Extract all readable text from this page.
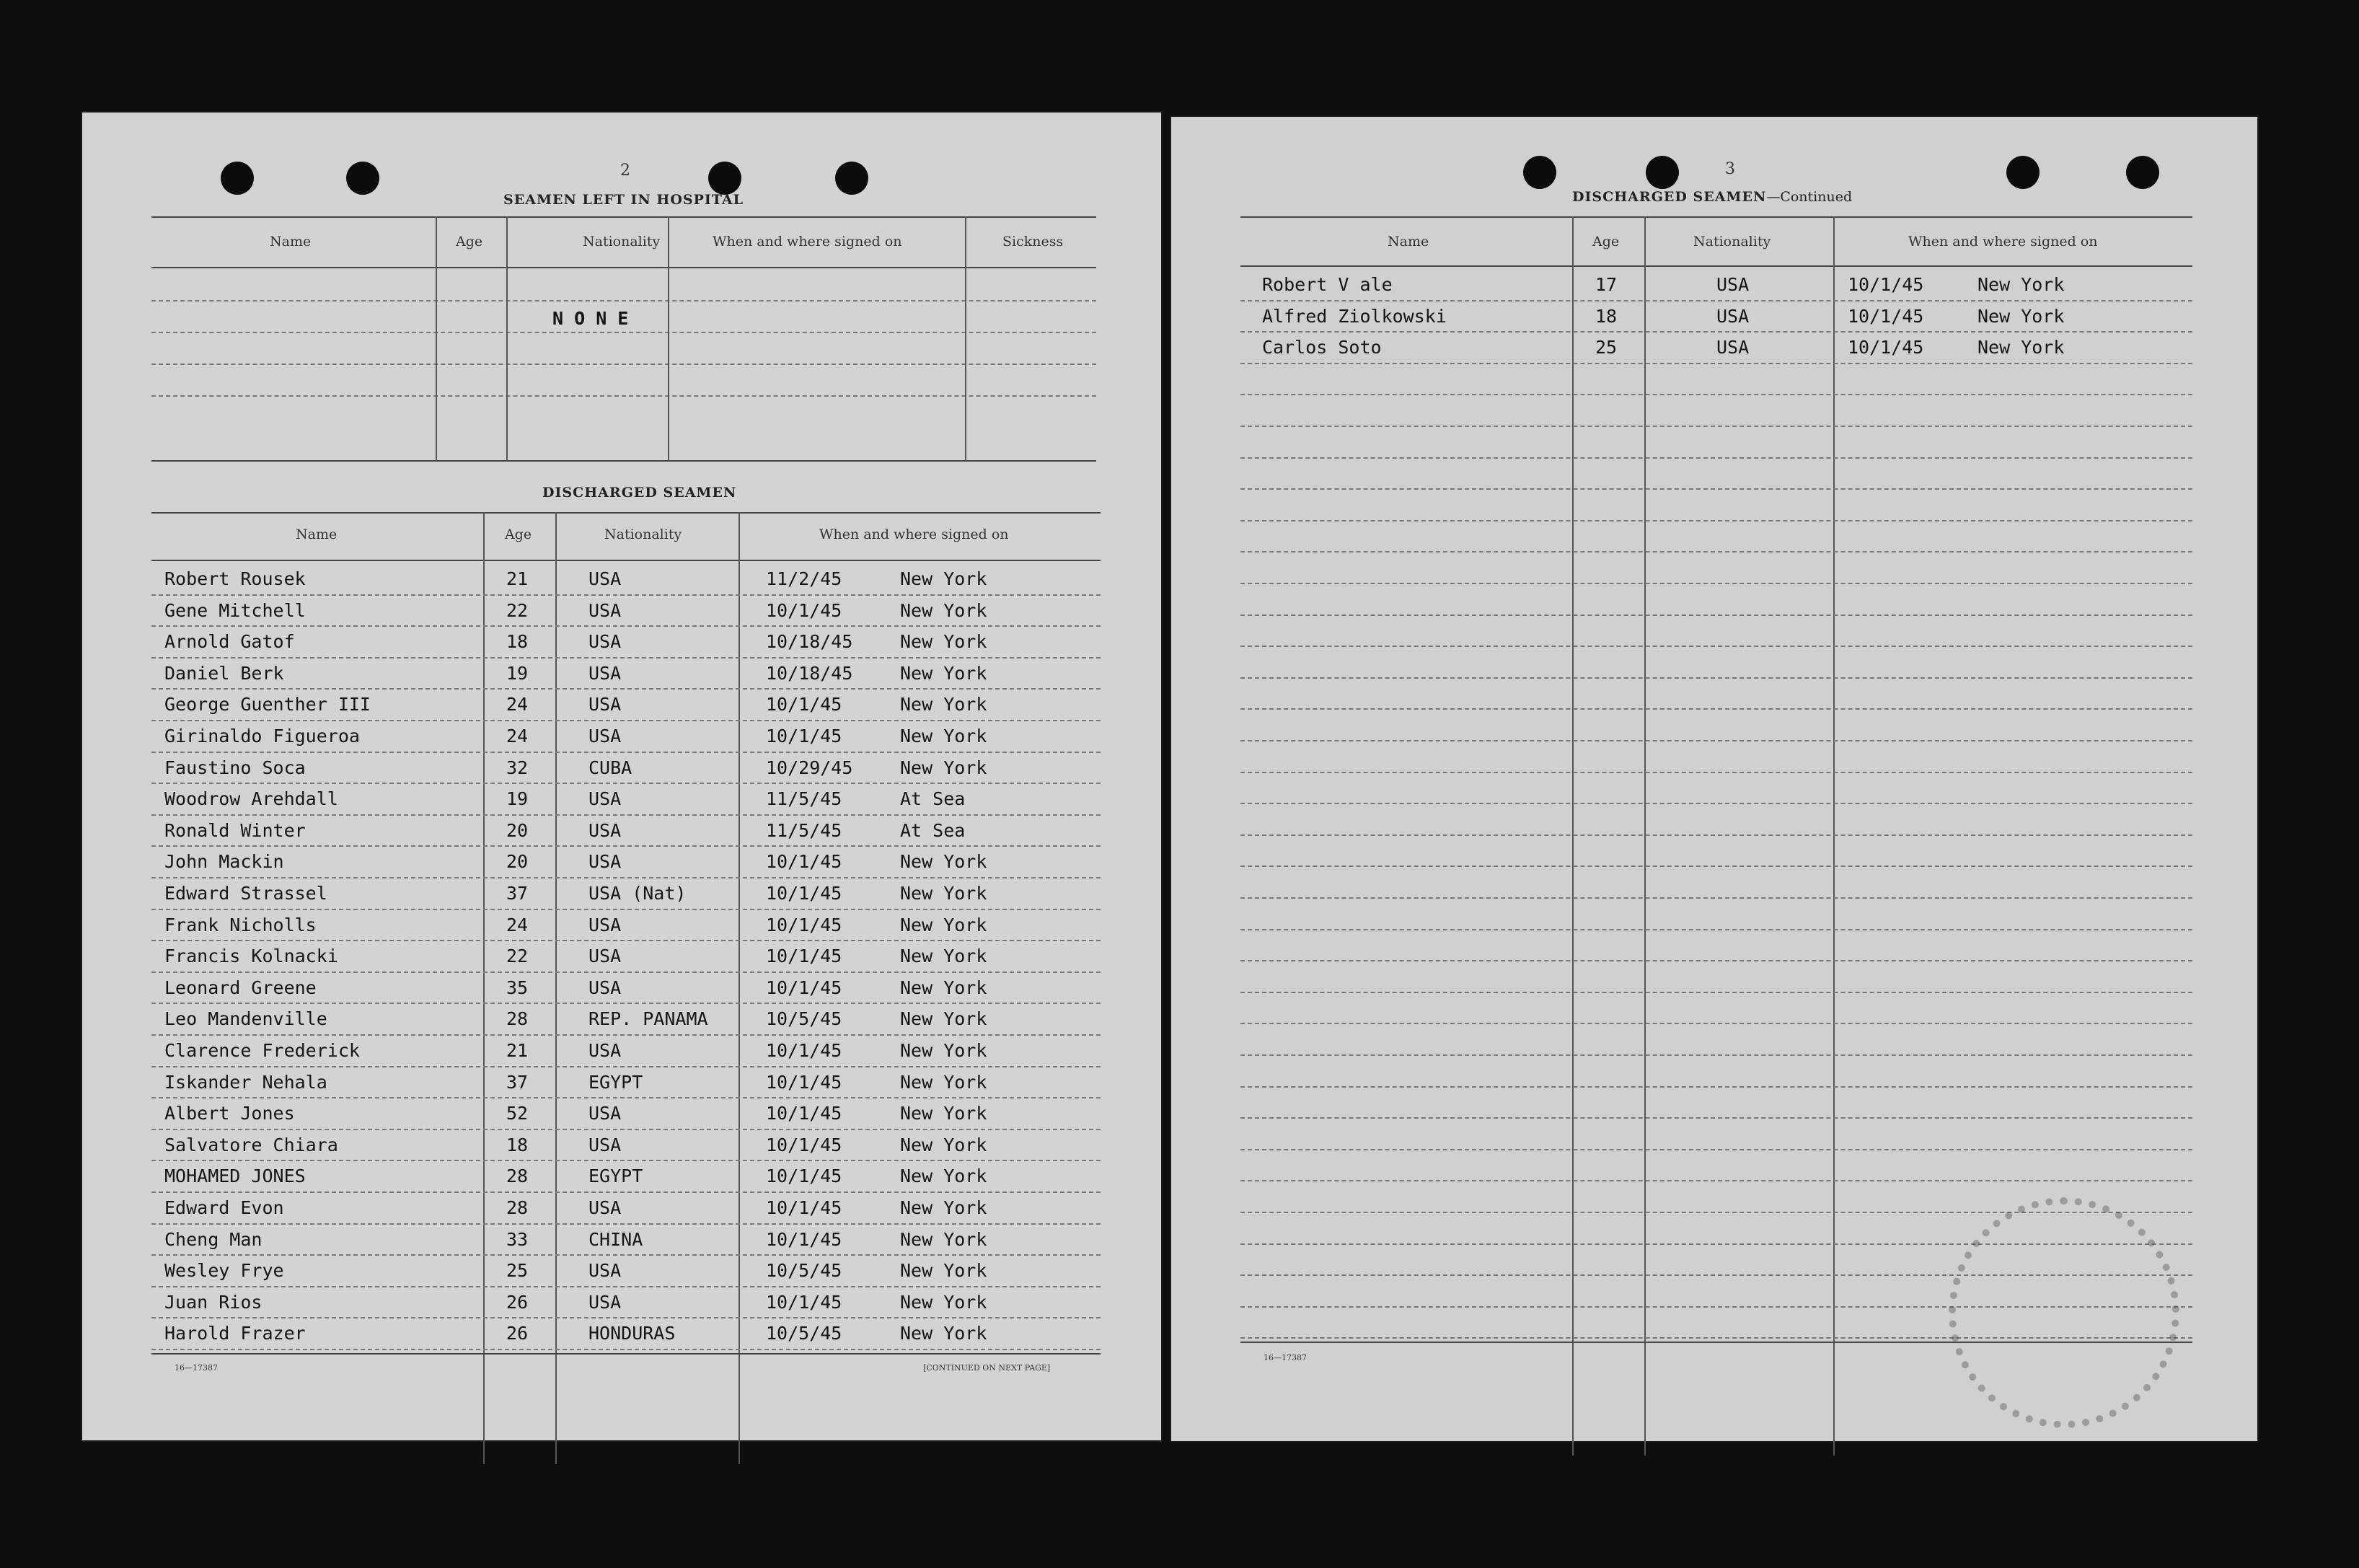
2
SEAMEN LEFT IN HOSPITAL
Name	Age	Nationality	When and where signed on	Sickness
N O N E
DISCHARGED SEAMEN
Name	Age	Nationality	When and where signed on
Robert Rousek	21	USA	11/2/45	New York
Gene Mitchell	22	USA	10/1/45	New York
Arnold Gatof	18	USA	10/18/45	New York
Daniel Berk	19	USA	10/18/45	New York
George Guenther III	24	USA	10/1/45	New York
Girinaldo Figueroa	24	USA	10/1/45	New York
Faustino Soca	32	CUBA	10/29/45	New York
Woodrow Arehdall	19	USA	11/5/45	At Sea
Ronald Winter	20	USA	11/5/45	At Sea
John Mackin	20	USA	10/1/45	New York
Edward Strassel	37	USA (Nat)	10/1/45	New York
Frank Nicholls	24	USA	10/1/45	New York
Francis Kolnacki	22	USA	10/1/45	New York
Leonard Greene	35	USA	10/1/45	New York
Leo Mandenville	28	REP. PANAMA	10/5/45	New York
Clarence Frederick	21	USA	10/1/45	New York
Iskander Nehala	37	EGYPT	10/1/45	New York
Albert Jones	52	USA	10/1/45	New York
Salvatore Chiara	18	USA	10/1/45	New York
MOHAMED JONES	28	EGYPT	10/1/45	New York
Edward Evon	28	USA	10/1/45	New York
Cheng Man	33	CHINA	10/1/45	New York
Wesley Frye	25	USA	10/5/45	New York
Juan Rios	26	USA	10/1/45	New York
Harold Frazer	26	HONDURAS	10/5/45	New York
16—17387	[CONTINUED ON NEXT PAGE]
3
DISCHARGED SEAMEN—Continued
Name	Age	Nationality	When and where signed on
Robert V ale	17	USA	10/1/45	New York
Alfred Ziolkowski	18	USA	10/1/45	New York
Carlos Soto	25	USA	10/1/45	New York
16—17387
